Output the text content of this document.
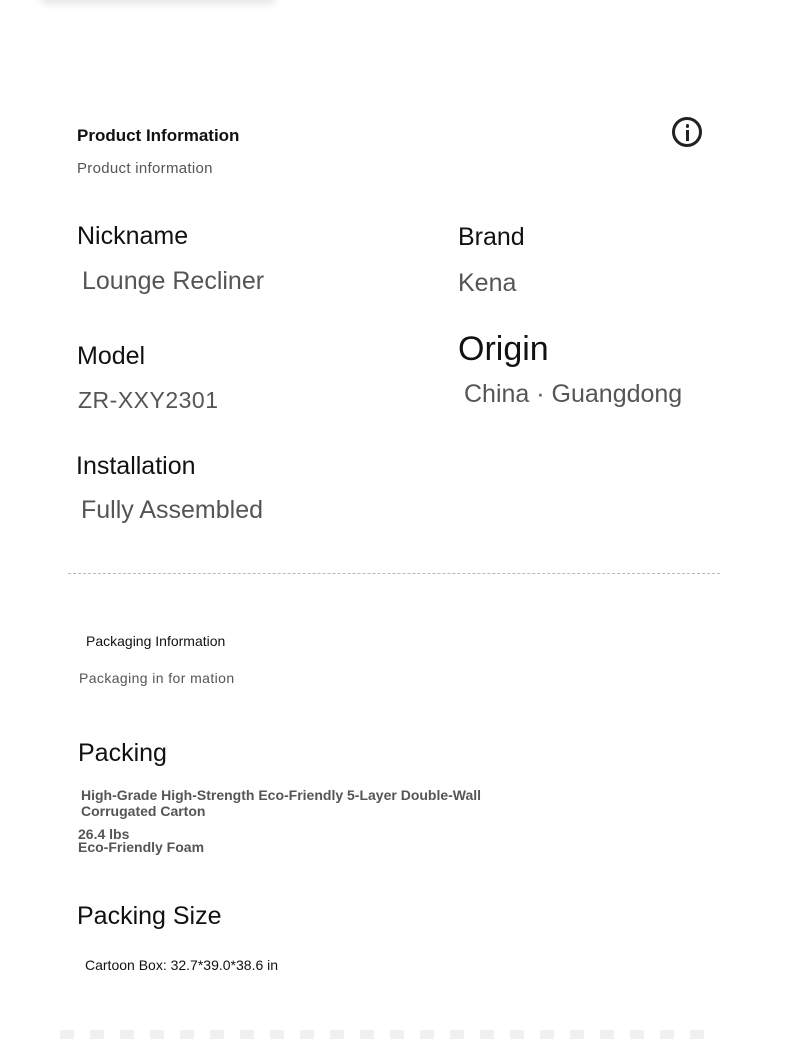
Product Information
Product information
Nickname
Lounge Recliner
Brand
Kena
Model
ZR-XXY2301
Origin
China · Guangdong
Installation
Fully Assembled
Packaging Information
Packaging in for mation
Packing
High-Grade High-Strength Eco-Friendly 5-Layer Double-Wall Corrugated Carton
26.4 lbs
Eco-Friendly Foam
Packing Size
Cartoon Box: 32.7*39.0*38.6 in
